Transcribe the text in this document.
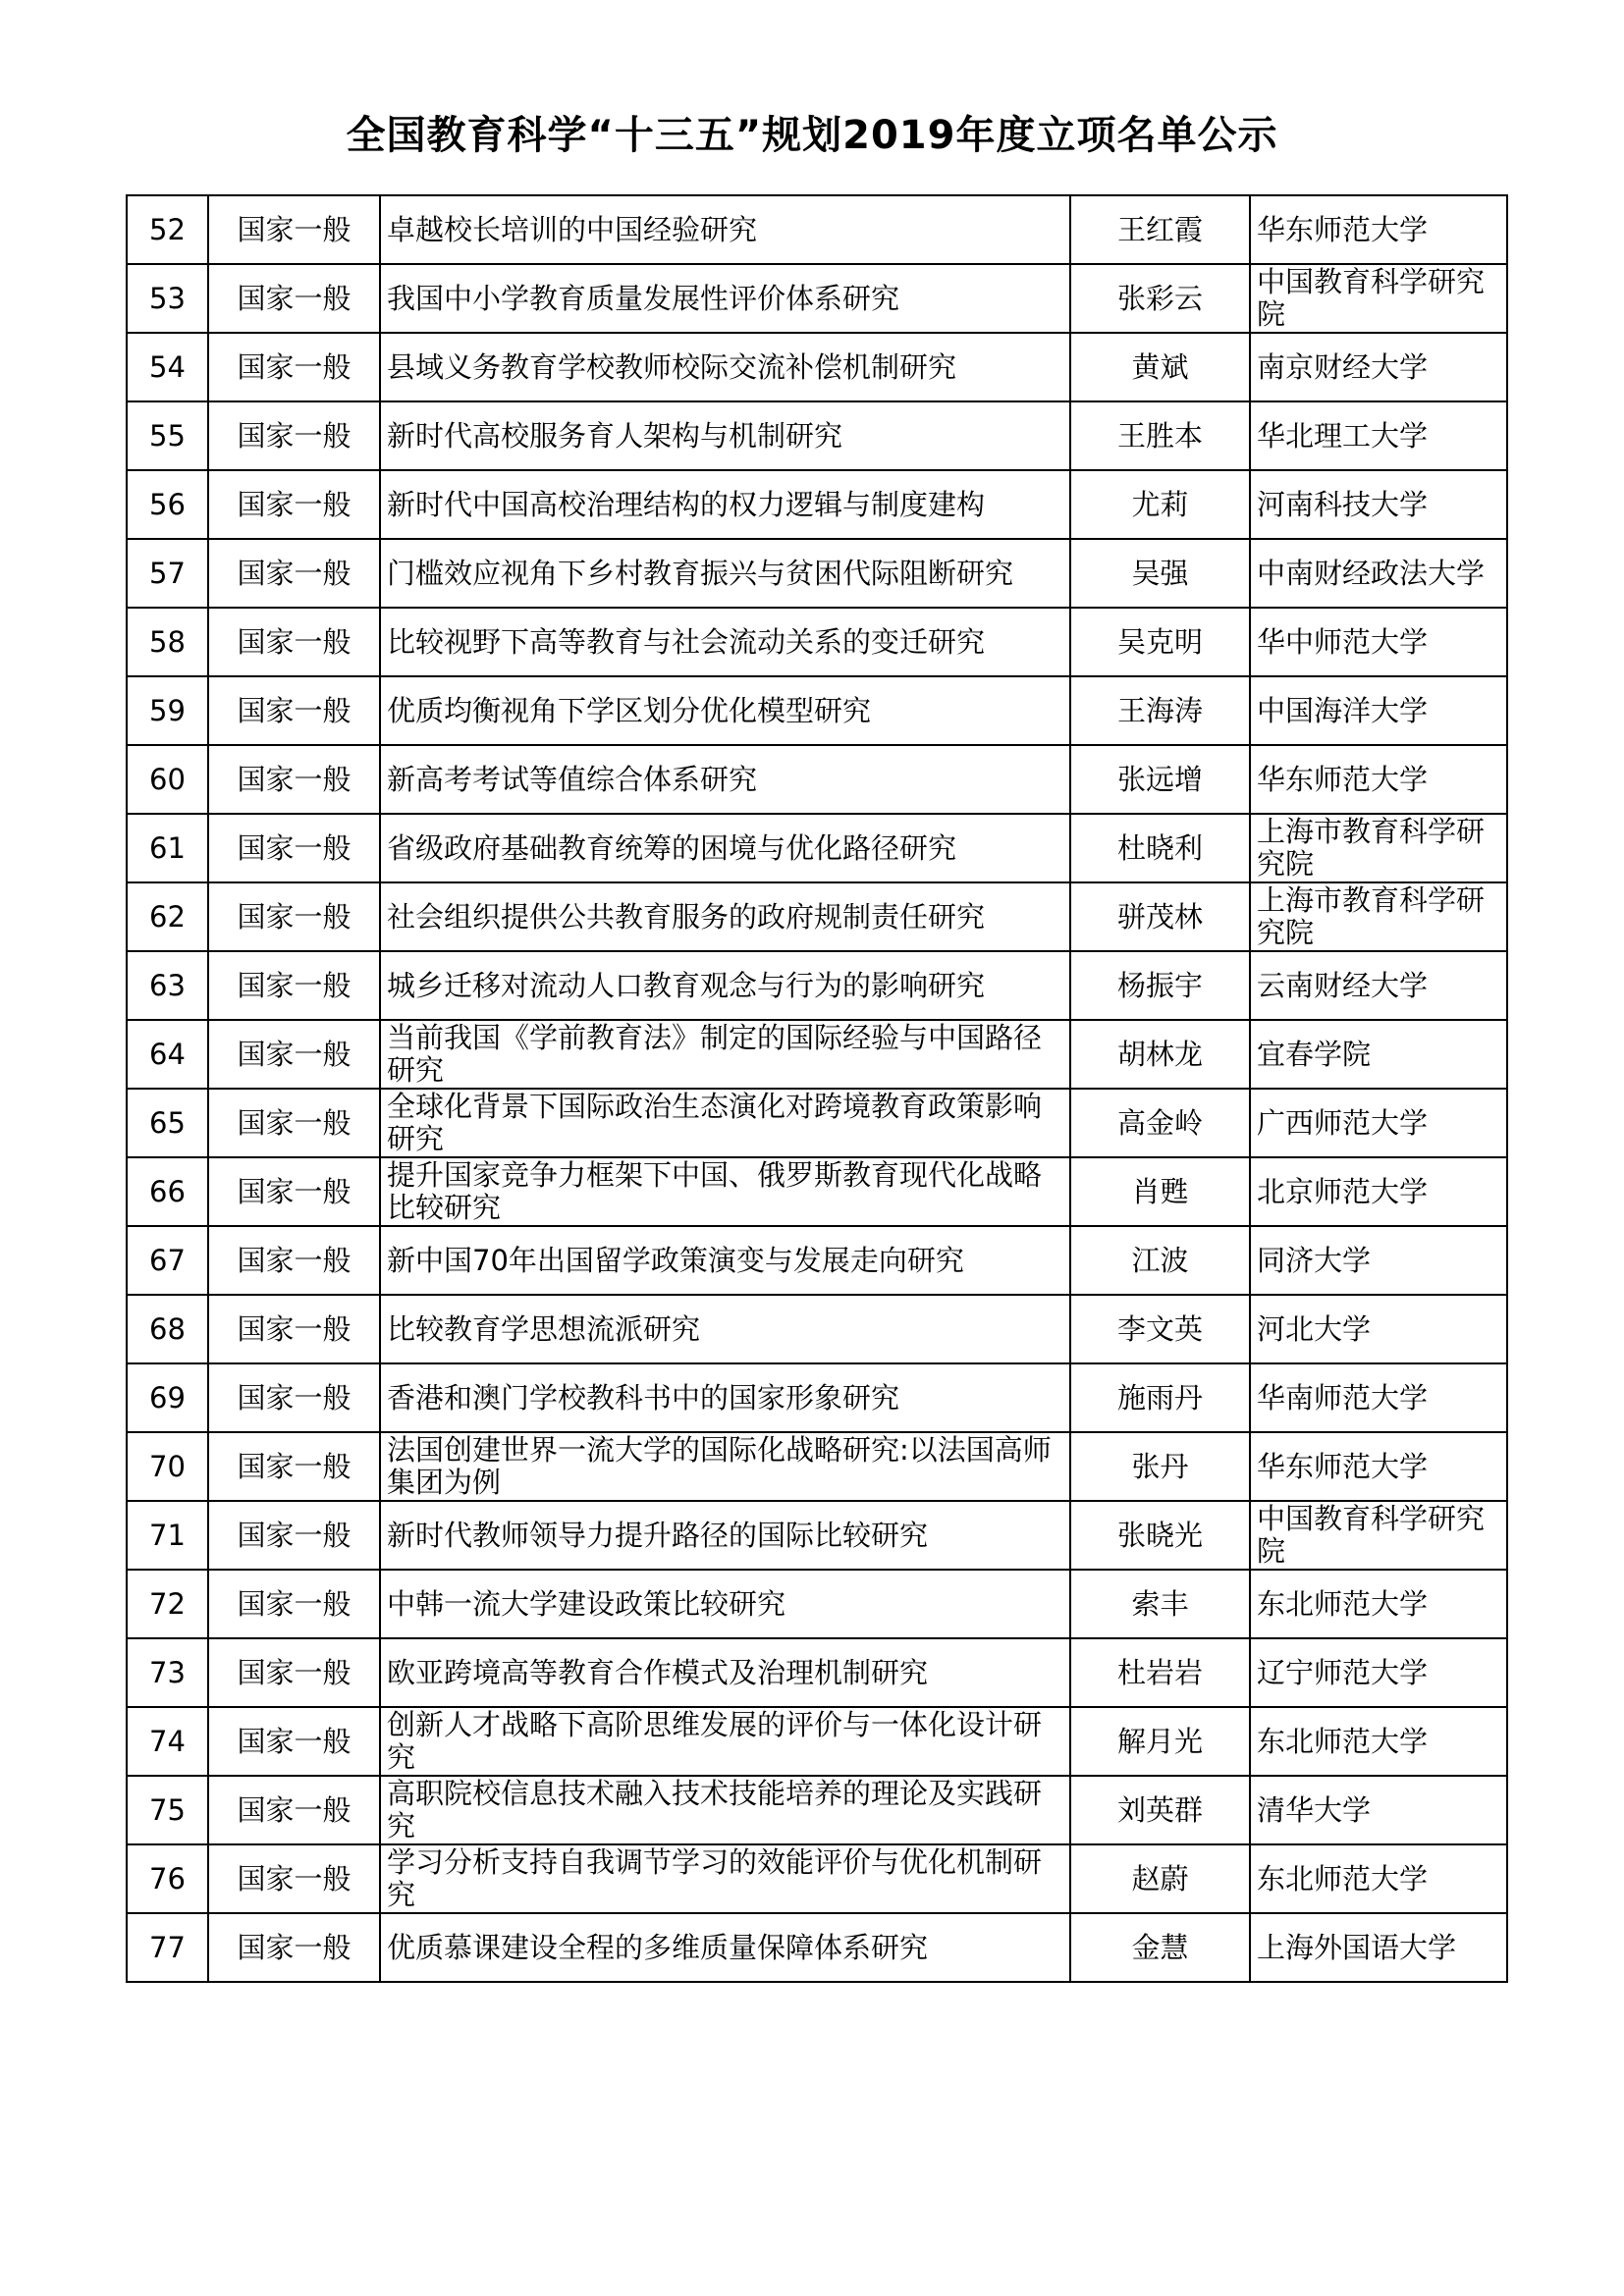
全国教育科学“十三五”规划2019年度立项名单公示
52	国家一般	卓越校长培训的中国经验研究	王红霞	华东师范大学
53	国家一般	我国中小学教育质量发展性评价体系研究	张彩云	中国教育科学研究院
54	国家一般	县域义务教育学校教师校际交流补偿机制研究	黄斌	南京财经大学
55	国家一般	新时代高校服务育人架构与机制研究	王胜本	华北理工大学
56	国家一般	新时代中国高校治理结构的权力逻辑与制度建构	尤莉	河南科技大学
57	国家一般	门槛效应视角下乡村教育振兴与贫困代际阻断研究	吴强	中南财经政法大学
58	国家一般	比较视野下高等教育与社会流动关系的变迁研究	吴克明	华中师范大学
59	国家一般	优质均衡视角下学区划分优化模型研究	王海涛	中国海洋大学
60	国家一般	新高考考试等值综合体系研究	张远增	华东师范大学
61	国家一般	省级政府基础教育统筹的困境与优化路径研究	杜晓利	上海市教育科学研究院
62	国家一般	社会组织提供公共教育服务的政府规制责任研究	骈茂林	上海市教育科学研究院
63	国家一般	城乡迁移对流动人口教育观念与行为的影响研究	杨振宇	云南财经大学
64	国家一般	当前我国《学前教育法》制定的国际经验与中国路径研究	胡林龙	宜春学院
65	国家一般	全球化背景下国际政治生态演化对跨境教育政策影响研究	高金岭	广西师范大学
66	国家一般	提升国家竞争力框架下中国、俄罗斯教育现代化战略比较研究	肖甦	北京师范大学
67	国家一般	新中国70年出国留学政策演变与发展走向研究	江波	同济大学
68	国家一般	比较教育学思想流派研究	李文英	河北大学
69	国家一般	香港和澳门学校教科书中的国家形象研究	施雨丹	华南师范大学
70	国家一般	法国创建世界一流大学的国际化战略研究:以法国高师集团为例	张丹	华东师范大学
71	国家一般	新时代教师领导力提升路径的国际比较研究	张晓光	中国教育科学研究院
72	国家一般	中韩一流大学建设政策比较研究	索丰	东北师范大学
73	国家一般	欧亚跨境高等教育合作模式及治理机制研究	杜岩岩	辽宁师范大学
74	国家一般	创新人才战略下高阶思维发展的评价与一体化设计研究	解月光	东北师范大学
75	国家一般	高职院校信息技术融入技术技能培养的理论及实践研究	刘英群	清华大学
76	国家一般	学习分析支持自我调节学习的效能评价与优化机制研究	赵蔚	东北师范大学
77	国家一般	优质慕课建设全程的多维质量保障体系研究	金慧	上海外国语大学
